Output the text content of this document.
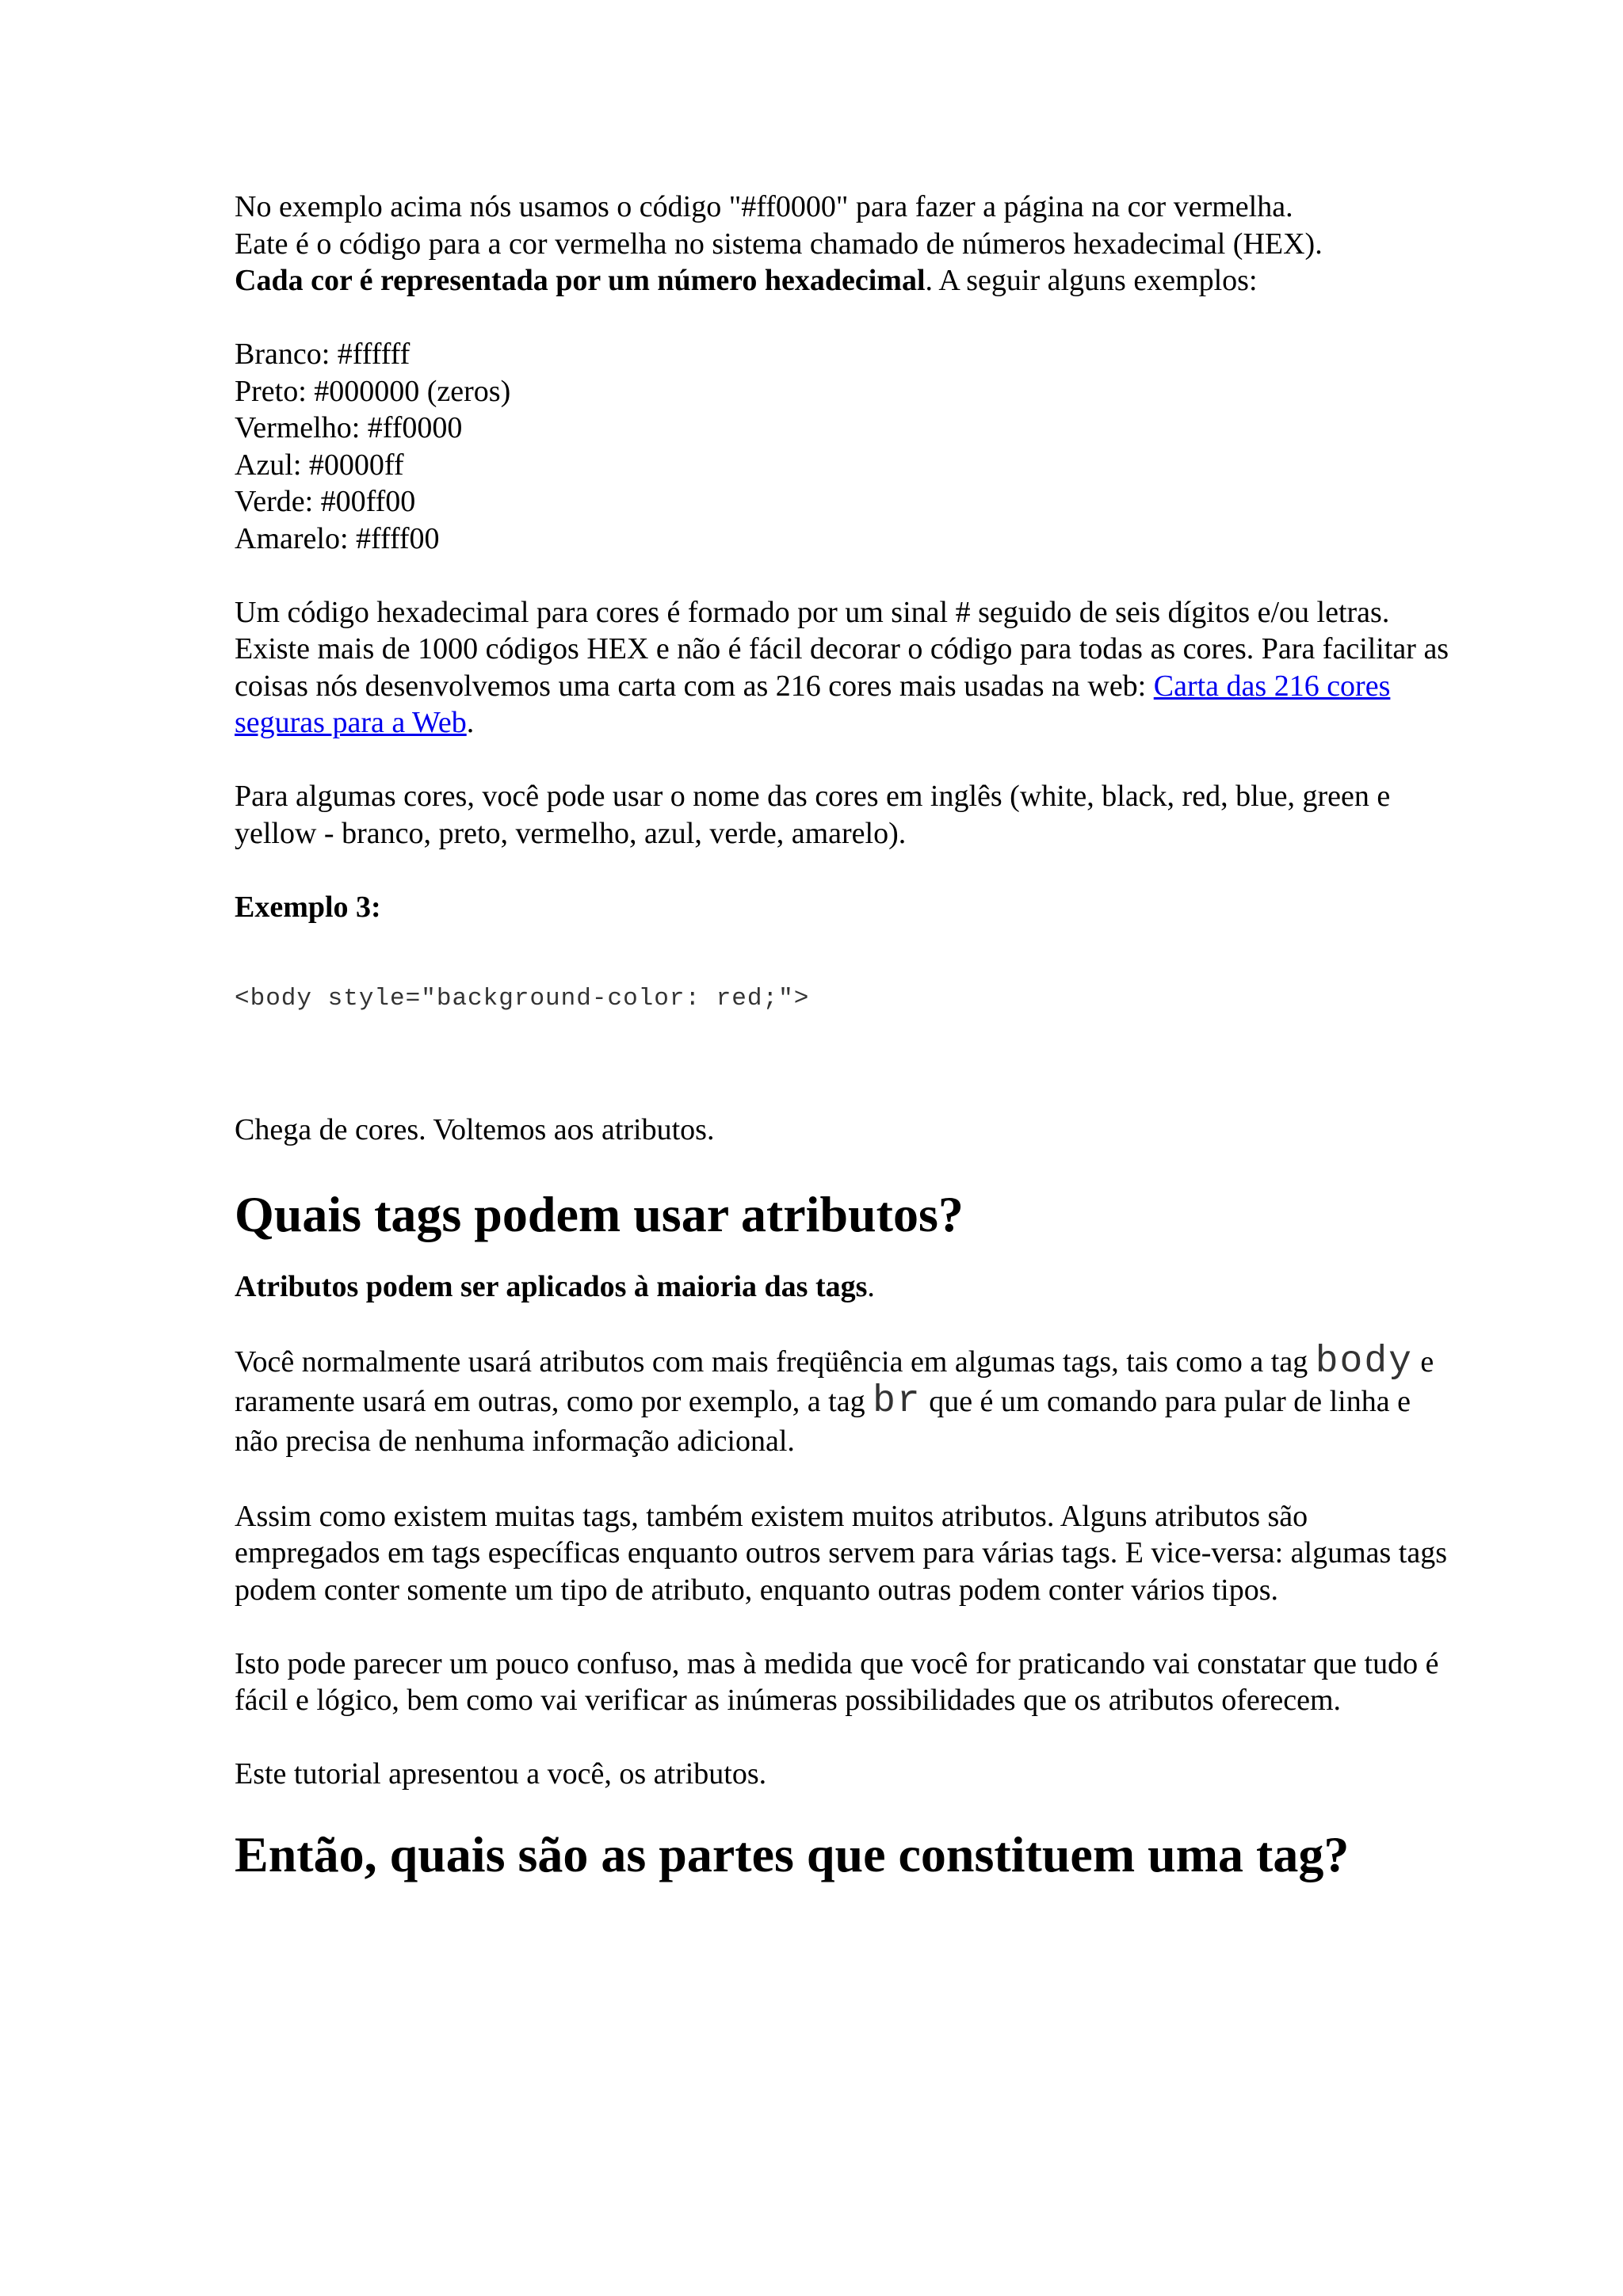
No exemplo acima nós usamos o código "#ff0000" para fazer a página na cor vermelha.
Eate é o código para a cor vermelha no sistema chamado de números hexadecimal (HEX).
Cada cor é representada por um número hexadecimal. A seguir alguns exemplos:

Branco: #ffffff
Preto: #000000 (zeros)
Vermelho: #ff0000
Azul: #0000ff
Verde: #00ff00
Amarelo: #ffff00

Um código hexadecimal para cores é formado por um sinal # seguido de seis dígitos e/ou letras. Existe mais de 1000 códigos HEX e não é fácil decorar o código para todas as cores. Para facilitar as coisas nós desenvolvemos uma carta com as 216 cores mais usadas na web: Carta das 216 cores seguras para a Web.

Para algumas cores, você pode usar o nome das cores em inglês (white, black, red, blue, green e yellow - branco, preto, vermelho, azul, verde, amarelo).

Exemplo 3:

<body style="background-color: red;">

Chega de cores. Voltemos aos atributos.

Quais tags podem usar atributos?

Atributos podem ser aplicados à maioria das tags.

Você normalmente usará atributos com mais freqüência em algumas tags, tais como a tag body e raramente usará em outras, como por exemplo, a tag br que é um comando para pular de linha e não precisa de nenhuma informação adicional.

Assim como existem muitas tags, também existem muitos atributos. Alguns atributos são empregados em tags específicas enquanto outros servem para várias tags. E vice-versa: algumas tags podem conter somente um tipo de atributo, enquanto outras podem conter vários tipos.

Isto pode parecer um pouco confuso, mas à medida que você for praticando vai constatar que tudo é fácil e lógico, bem como vai verificar as inúmeras possibilidades que os atributos oferecem.

Este tutorial apresentou a você, os atributos.

Então, quais são as partes que constituem uma tag?
